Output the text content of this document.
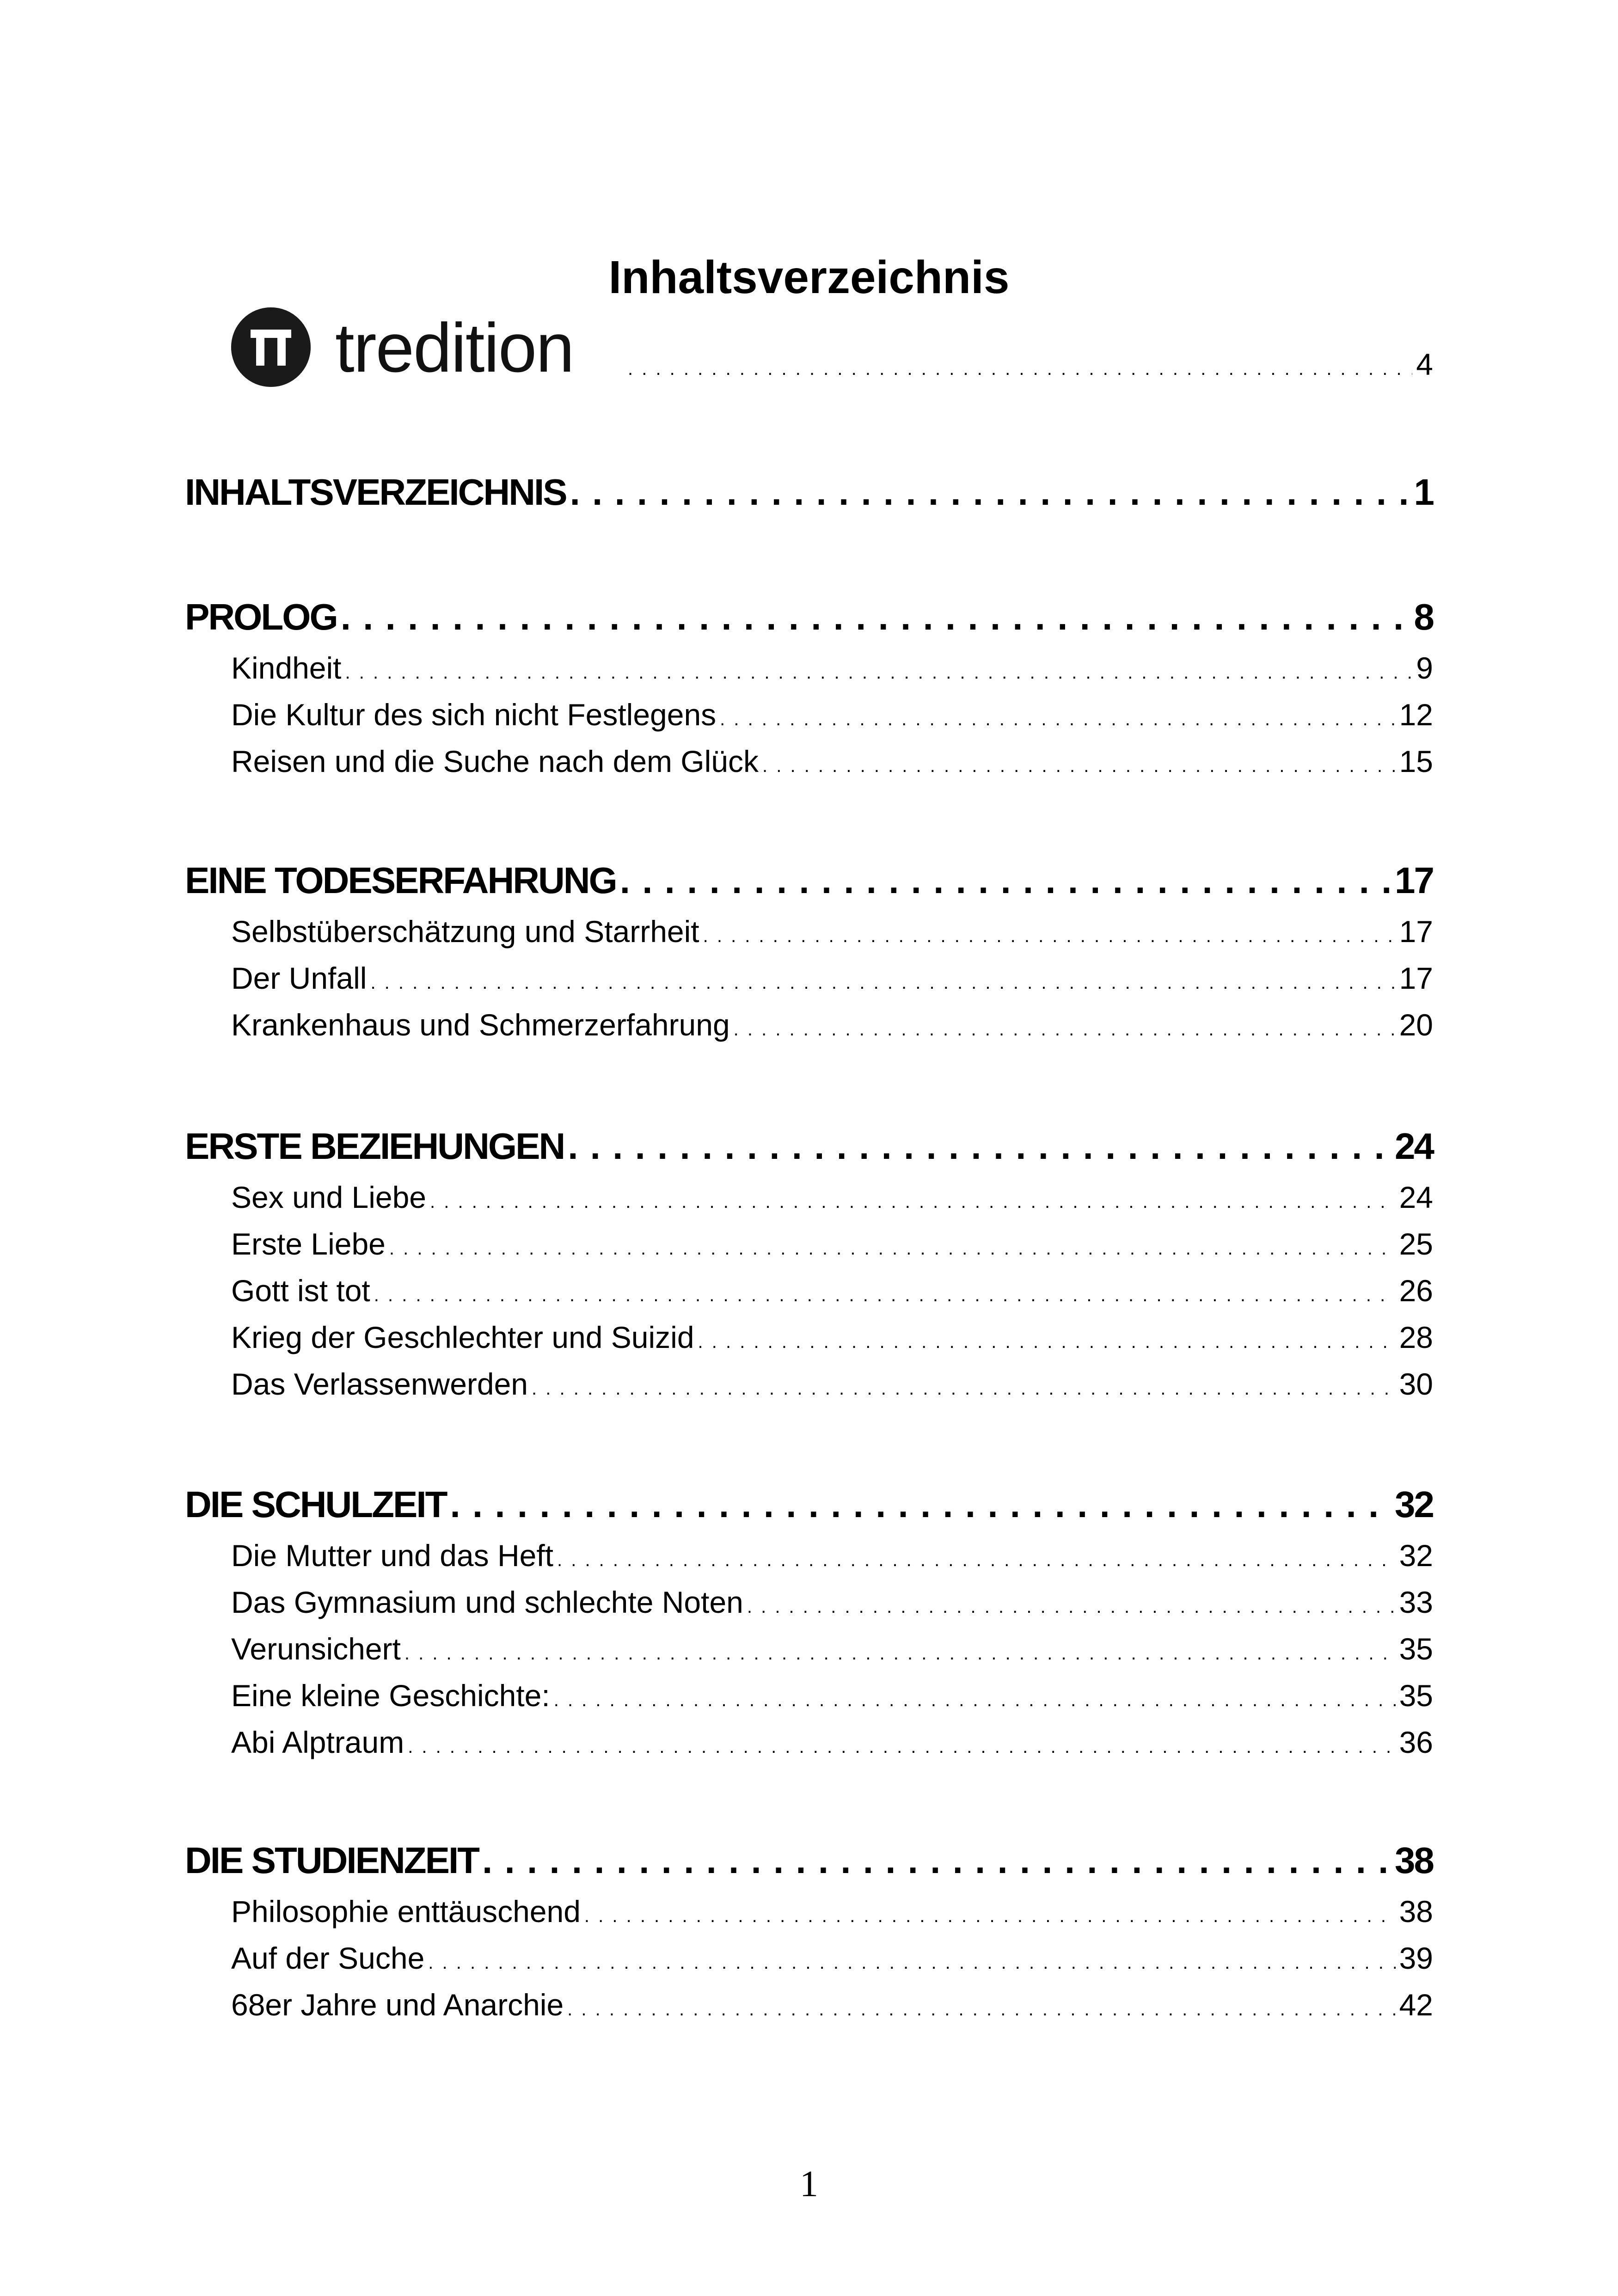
Inhaltsverzeichnis
tredition . . .	4
INHALTSVERZEICHNIS . . .	1
PROLOG . . .	8
Kindheit . . .	9
Die Kultur des sich nicht Festlegens . . .	12
Reisen und die Suche nach dem Glück . . .	15
EINE TODESERFAHRUNG . . .	17
Selbstüberschätzung und Starrheit . . .	17
Der Unfall . . .	17
Krankenhaus und Schmerzerfahrung . . .	20
ERSTE BEZIEHUNGEN . . .	24
Sex und Liebe . . .	24
Erste Liebe . . .	25
Gott ist tot . . .	26
Krieg der Geschlechter und Suizid . . .	28
Das Verlassenwerden . . .	30
DIE SCHULZEIT . . .	32
Die Mutter und das Heft . . .	32
Das Gymnasium und schlechte Noten . . .	33
Verunsichert . . .	35
Eine kleine Geschichte: . . .	35
Abi Alptraum . . .	36
DIE STUDIENZEIT . . .	38
Philosophie enttäuschend . . .	38
Auf der Suche . . .	39
68er Jahre und Anarchie . . .	42
1
